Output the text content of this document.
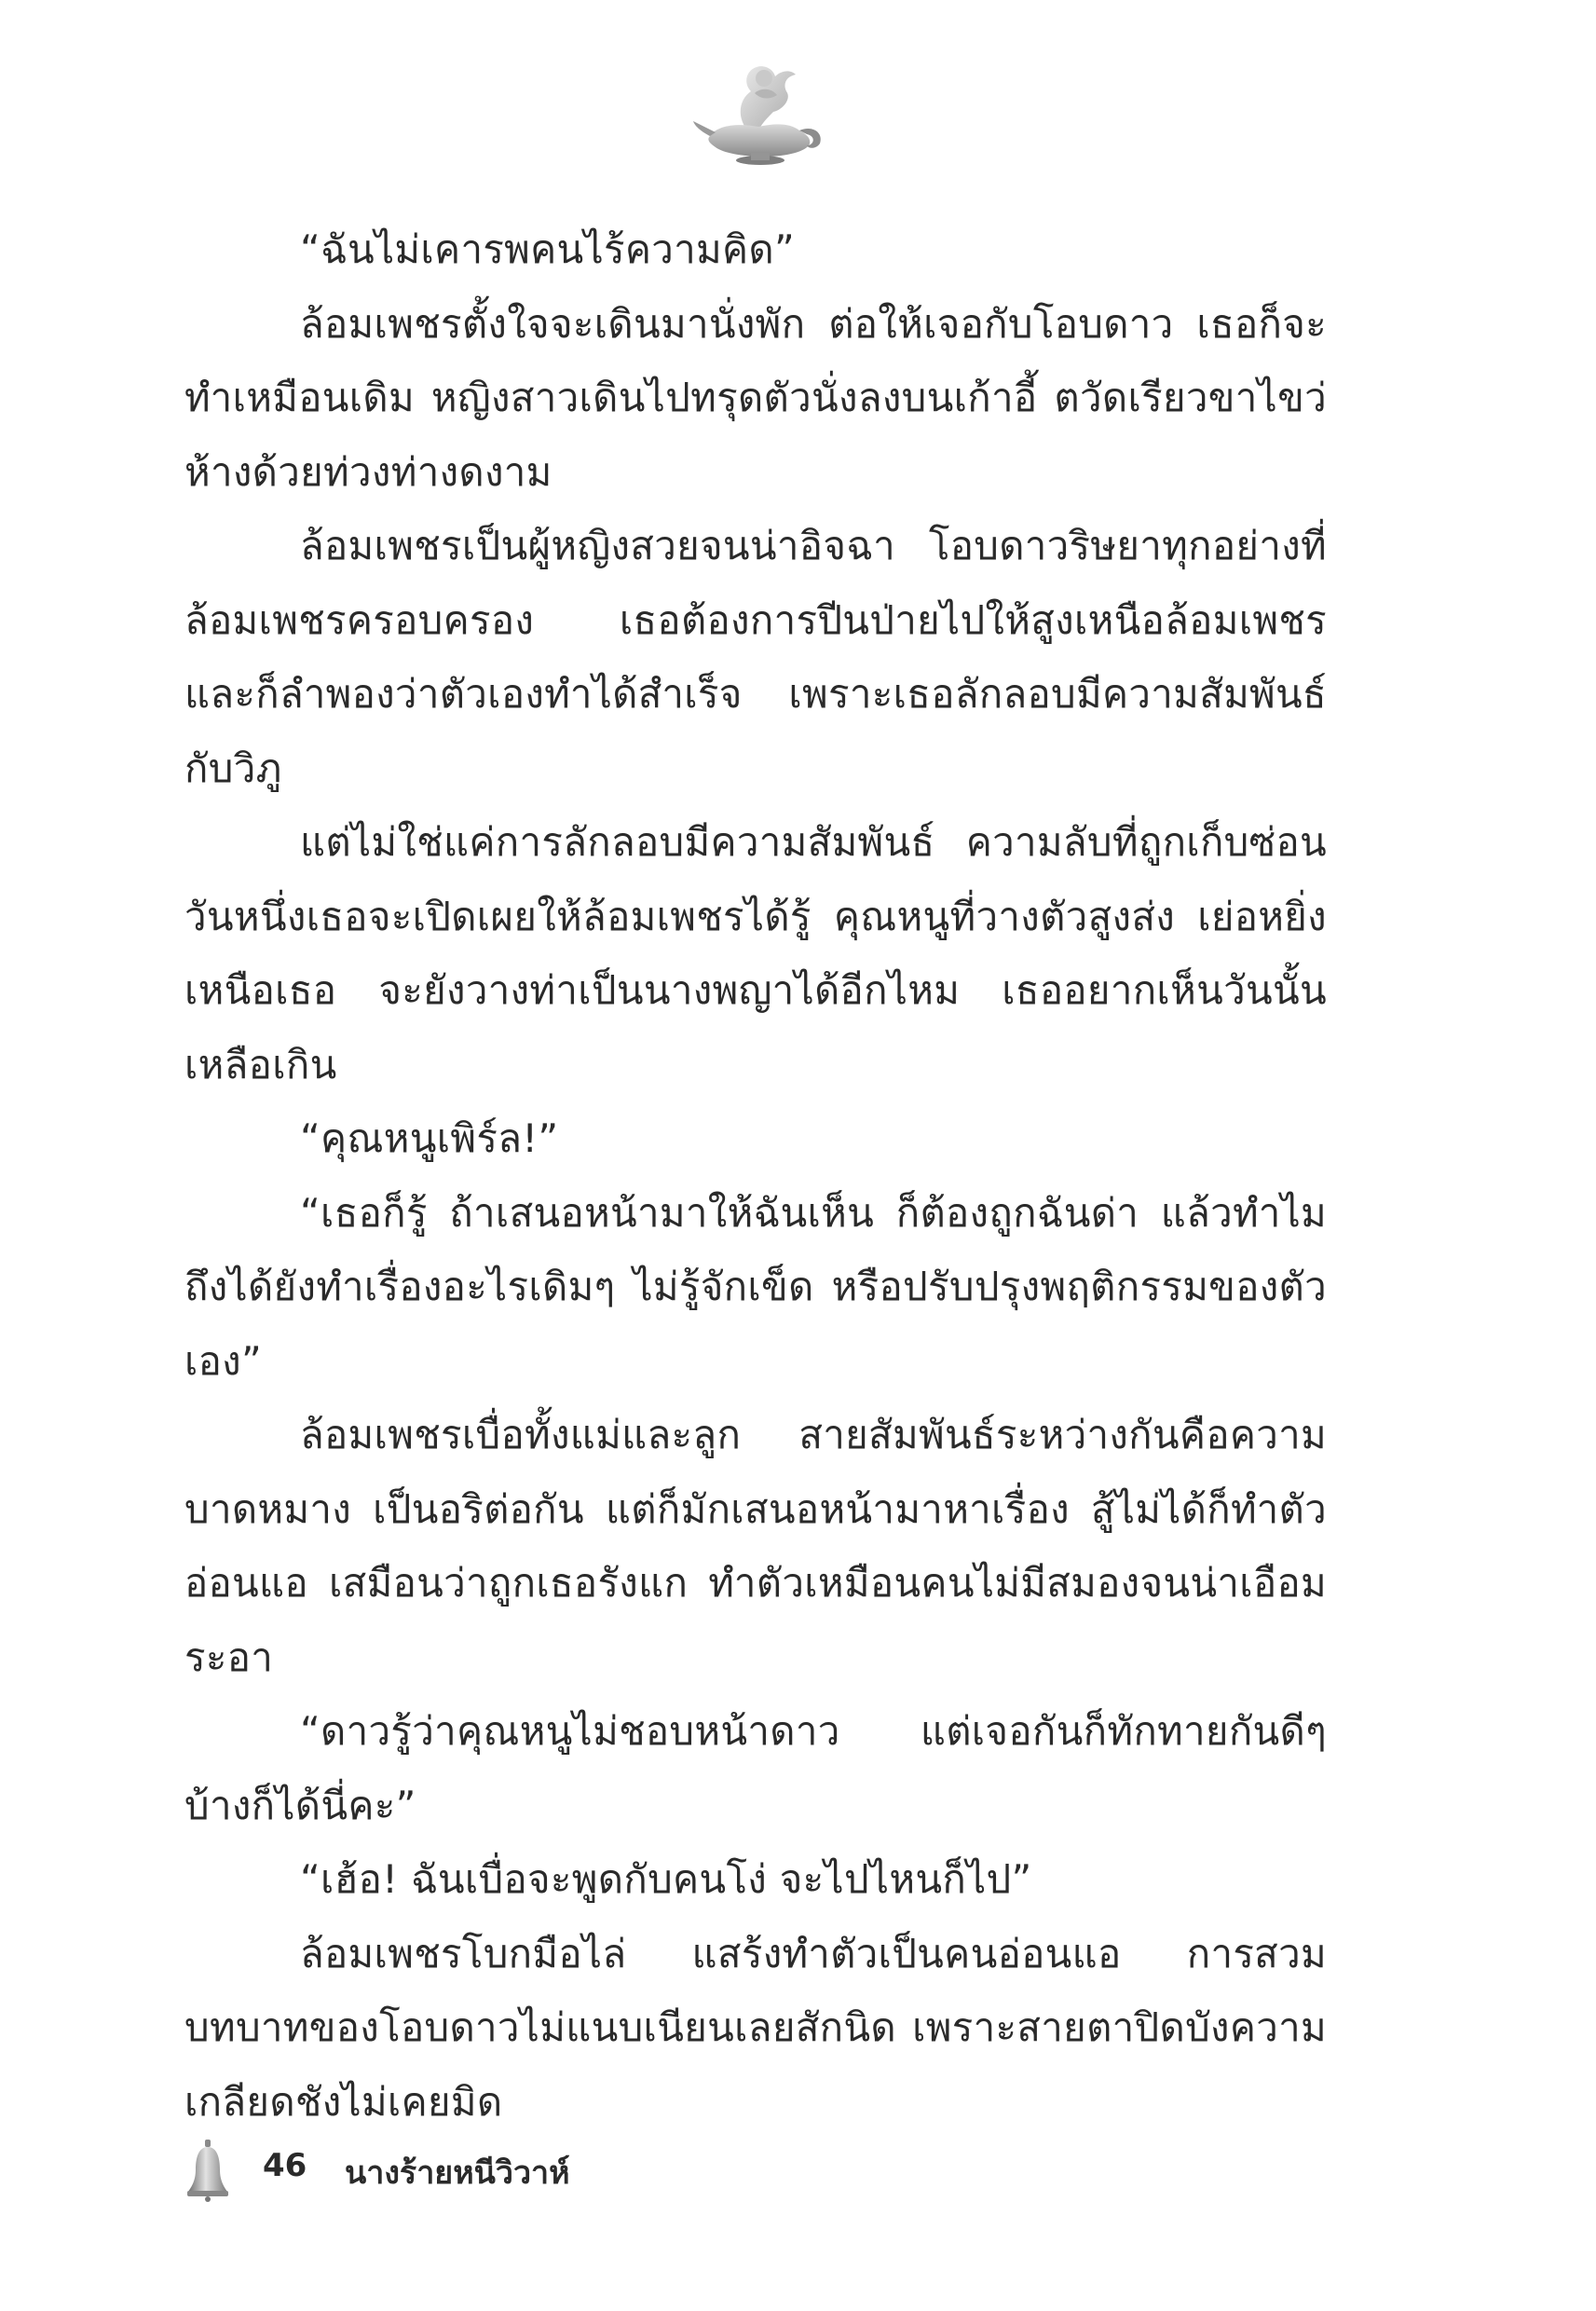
“ฉันไม่เคารพคนไร้ความคิด”

ล้อมเพชรตั้งใจจะเดินมานั่งพัก ต่อให้เจอกับโอบดาว เธอก็จะทำเหมือนเดิม หญิงสาวเดินไปทรุดตัวนั่งลงบนเก้าอี้ ตวัดเรียวขาไขว่ห้างด้วยท่วงท่างดงาม

ล้อมเพชรเป็นผู้หญิงสวยจนน่าอิจฉา โอบดาวริษยาทุกอย่างที่ล้อมเพชรครอบครอง เธอต้องการปีนป่ายไปให้สูงเหนือล้อมเพชร และก็ลำพองว่าตัวเองทำได้สำเร็จ เพราะเธอลักลอบมีความสัมพันธ์กับวิภู

แต่ไม่ใช่แค่การลักลอบมีความสัมพันธ์ ความลับที่ถูกเก็บซ่อนวันหนึ่งเธอจะเปิดเผยให้ล้อมเพชรได้รู้ คุณหนูที่วางตัวสูงส่ง เย่อหยิ่งเหนือเธอ จะยังวางท่าเป็นนางพญาได้อีกไหม เธออยากเห็นวันนั้นเหลือเกิน

“คุณหนูเพิร์ล!”

“เธอก็รู้ ถ้าเสนอหน้ามาให้ฉันเห็น ก็ต้องถูกฉันด่า แล้วทำไมถึงได้ยังทำเรื่องอะไรเดิมๆ ไม่รู้จักเข็ด หรือปรับปรุงพฤติกรรมของตัวเอง”

ล้อมเพชรเบื่อทั้งแม่และลูก สายสัมพันธ์ระหว่างกันคือความบาดหมาง เป็นอริต่อกัน แต่ก็มักเสนอหน้ามาหาเรื่อง สู้ไม่ได้ก็ทำตัวอ่อนแอ เสมือนว่าถูกเธอรังแก ทำตัวเหมือนคนไม่มีสมองจนน่าเอือมระอา

“ดาวรู้ว่าคุณหนูไม่ชอบหน้าดาว แต่เจอกันก็ทักทายกันดีๆ บ้างก็ได้นี่คะ”

“เฮ้อ! ฉันเบื่อจะพูดกับคนโง่ จะไปไหนก็ไป”

ล้อมเพชรโบกมือไล่ แสร้งทำตัวเป็นคนอ่อนแอ การสวมบทบาทของโอบดาวไม่แนบเนียนเลยสักนิด เพราะสายตาปิดบังความเกลียดชังไม่เคยมิด

46 นางร้ายหนีวิวาห์
